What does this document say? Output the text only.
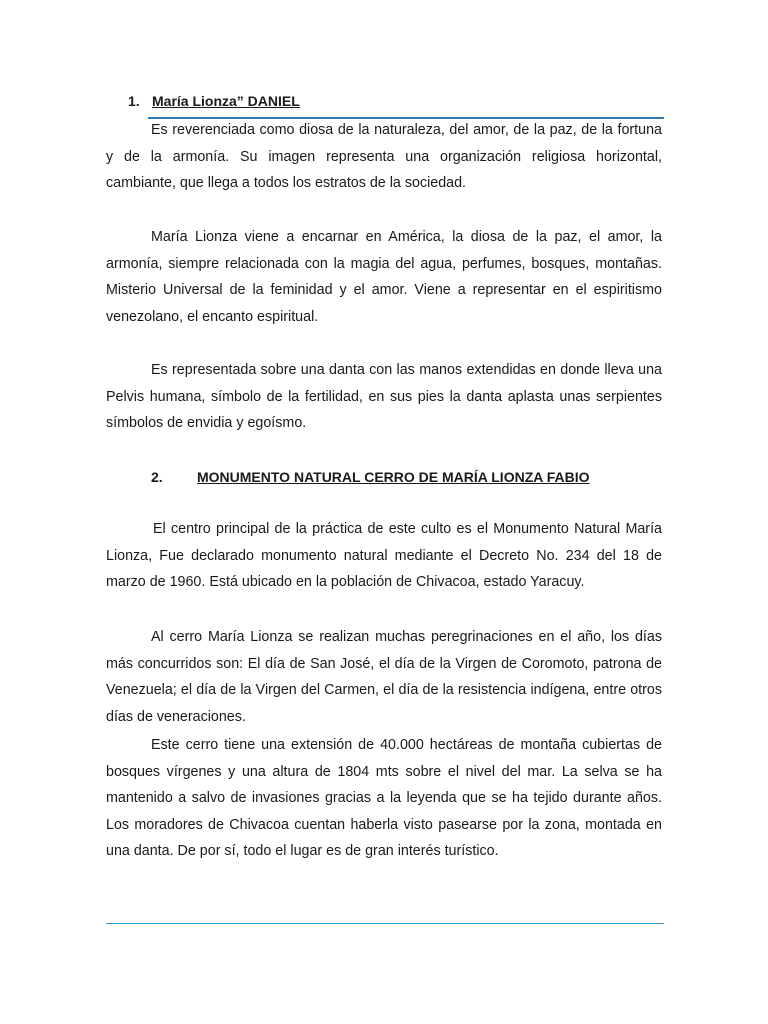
1. María Lionza” DANIEL

Es reverenciada como diosa de la naturaleza, del amor, de la paz, de la fortuna y de la armonía. Su imagen representa una organización religiosa horizontal, cambiante, que llega a todos los estratos de la sociedad.

María Lionza viene a encarnar en América, la diosa de la paz, el amor, la armonía, siempre relacionada con la magia del agua, perfumes, bosques, montañas. Misterio Universal de la feminidad y el amor. Viene a representar en el espiritismo venezolano, el encanto espiritual.

Es representada sobre una danta con las manos extendidas en donde lleva una Pelvis humana, símbolo de la fertilidad, en sus pies la danta aplasta unas serpientes símbolos de envidia y egoísmo.

2. MONUMENTO NATURAL CERRO DE MARÍA LIONZA FABIO

El centro principal de la práctica de este culto es el Monumento Natural María Lionza, Fue declarado monumento natural mediante el Decreto No. 234 del 18 de marzo de 1960. Está ubicado en la población de Chivacoa, estado Yaracuy.

Al cerro María Lionza se realizan muchas peregrinaciones en el año, los días más concurridos son: El día de San José, el día de la Virgen de Coromoto, patrona de Venezuela; el día de la Virgen del Carmen, el día de la resistencia indígena, entre otros días de veneraciones.

Este cerro tiene una extensión de 40.000 hectáreas de montaña cubiertas de bosques vírgenes y una altura de 1804 mts sobre el nivel del mar. La selva se ha mantenido a salvo de invasiones gracias a la leyenda que se ha tejido durante años. Los moradores de Chivacoa cuentan haberla visto pasearse por la zona, montada en una danta. De por sí, todo el lugar es de gran interés turístico.
